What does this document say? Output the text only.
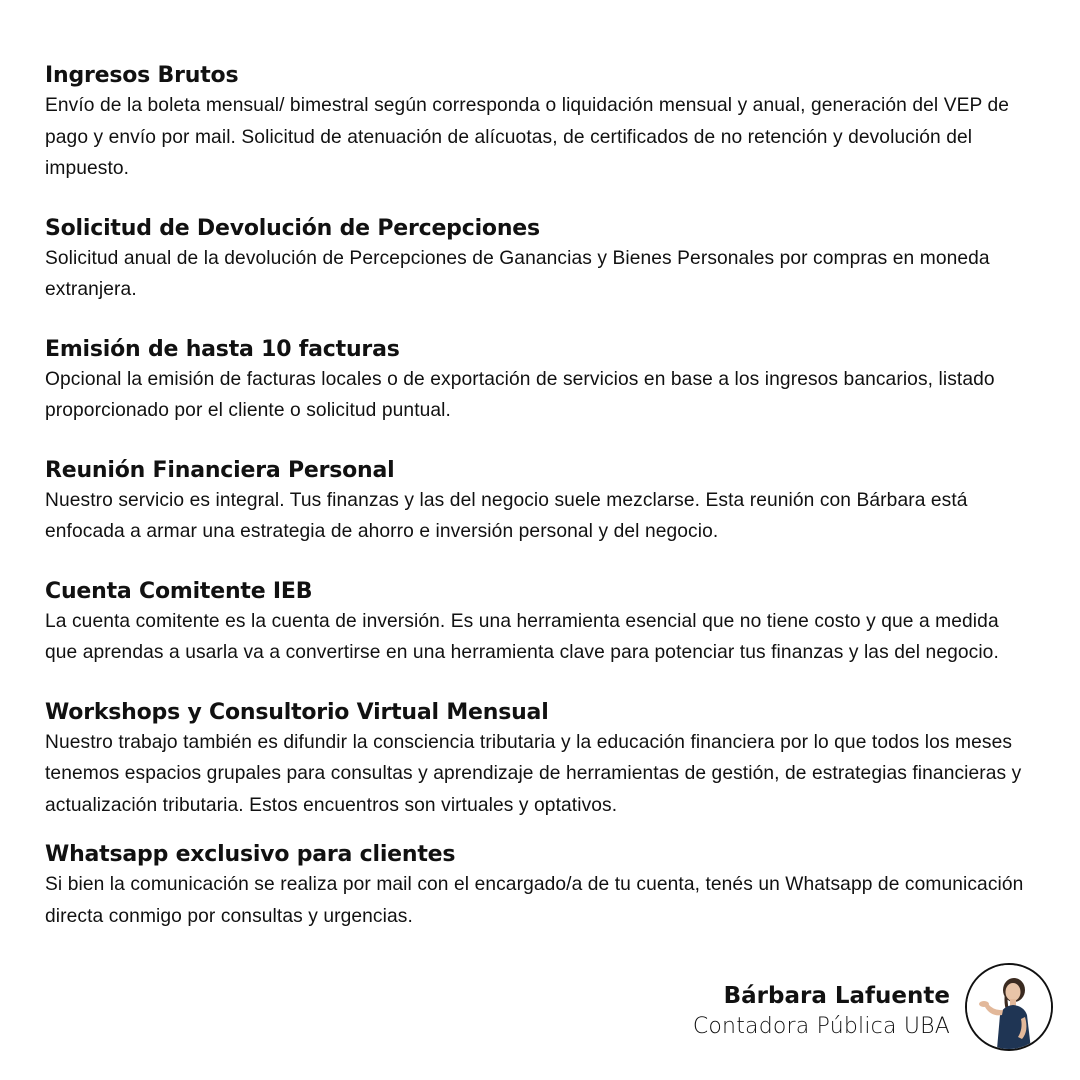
Ingresos Brutos

Envío de la boleta mensual/ bimestral según corresponda o liquidación mensual y anual, generación del VEP de pago y envío por mail. Solicitud de atenuación de alícuotas, de certificados de no retención y devolución del impuesto.

Solicitud de Devolución de Percepciones

Solicitud anual de la devolución de Percepciones de Ganancias y Bienes Personales por compras en moneda extranjera.

Emisión de hasta 10 facturas

Opcional la emisión de facturas locales o de exportación de servicios en base a los ingresos bancarios, listado proporcionado por el cliente o solicitud puntual.

Reunión Financiera Personal

Nuestro servicio es integral. Tus finanzas y las del negocio suele mezclarse. Esta reunión con Bárbara está enfocada a armar una estrategia de ahorro e inversión personal y del negocio.

Cuenta Comitente IEB

La cuenta comitente es la cuenta de inversión. Es una herramienta esencial que no tiene costo y que a medida que aprendas a usarla va a convertirse en una herramienta clave para potenciar tus finanzas y las del negocio.

Workshops y Consultorio Virtual Mensual

Nuestro trabajo también es difundir la consciencia tributaria y la educación financiera por lo que todos los meses tenemos espacios grupales para consultas y aprendizaje de herramientas de gestión, de estrategias financieras y actualización tributaria. Estos encuentros son virtuales y optativos.

Whatsapp exclusivo para clientes

Si bien la comunicación se realiza por mail con el encargado/a de tu cuenta, tenés un Whatsapp de comunicación directa conmigo por consultas y urgencias.

Bárbara Lafuente
Contadora Pública UBA
